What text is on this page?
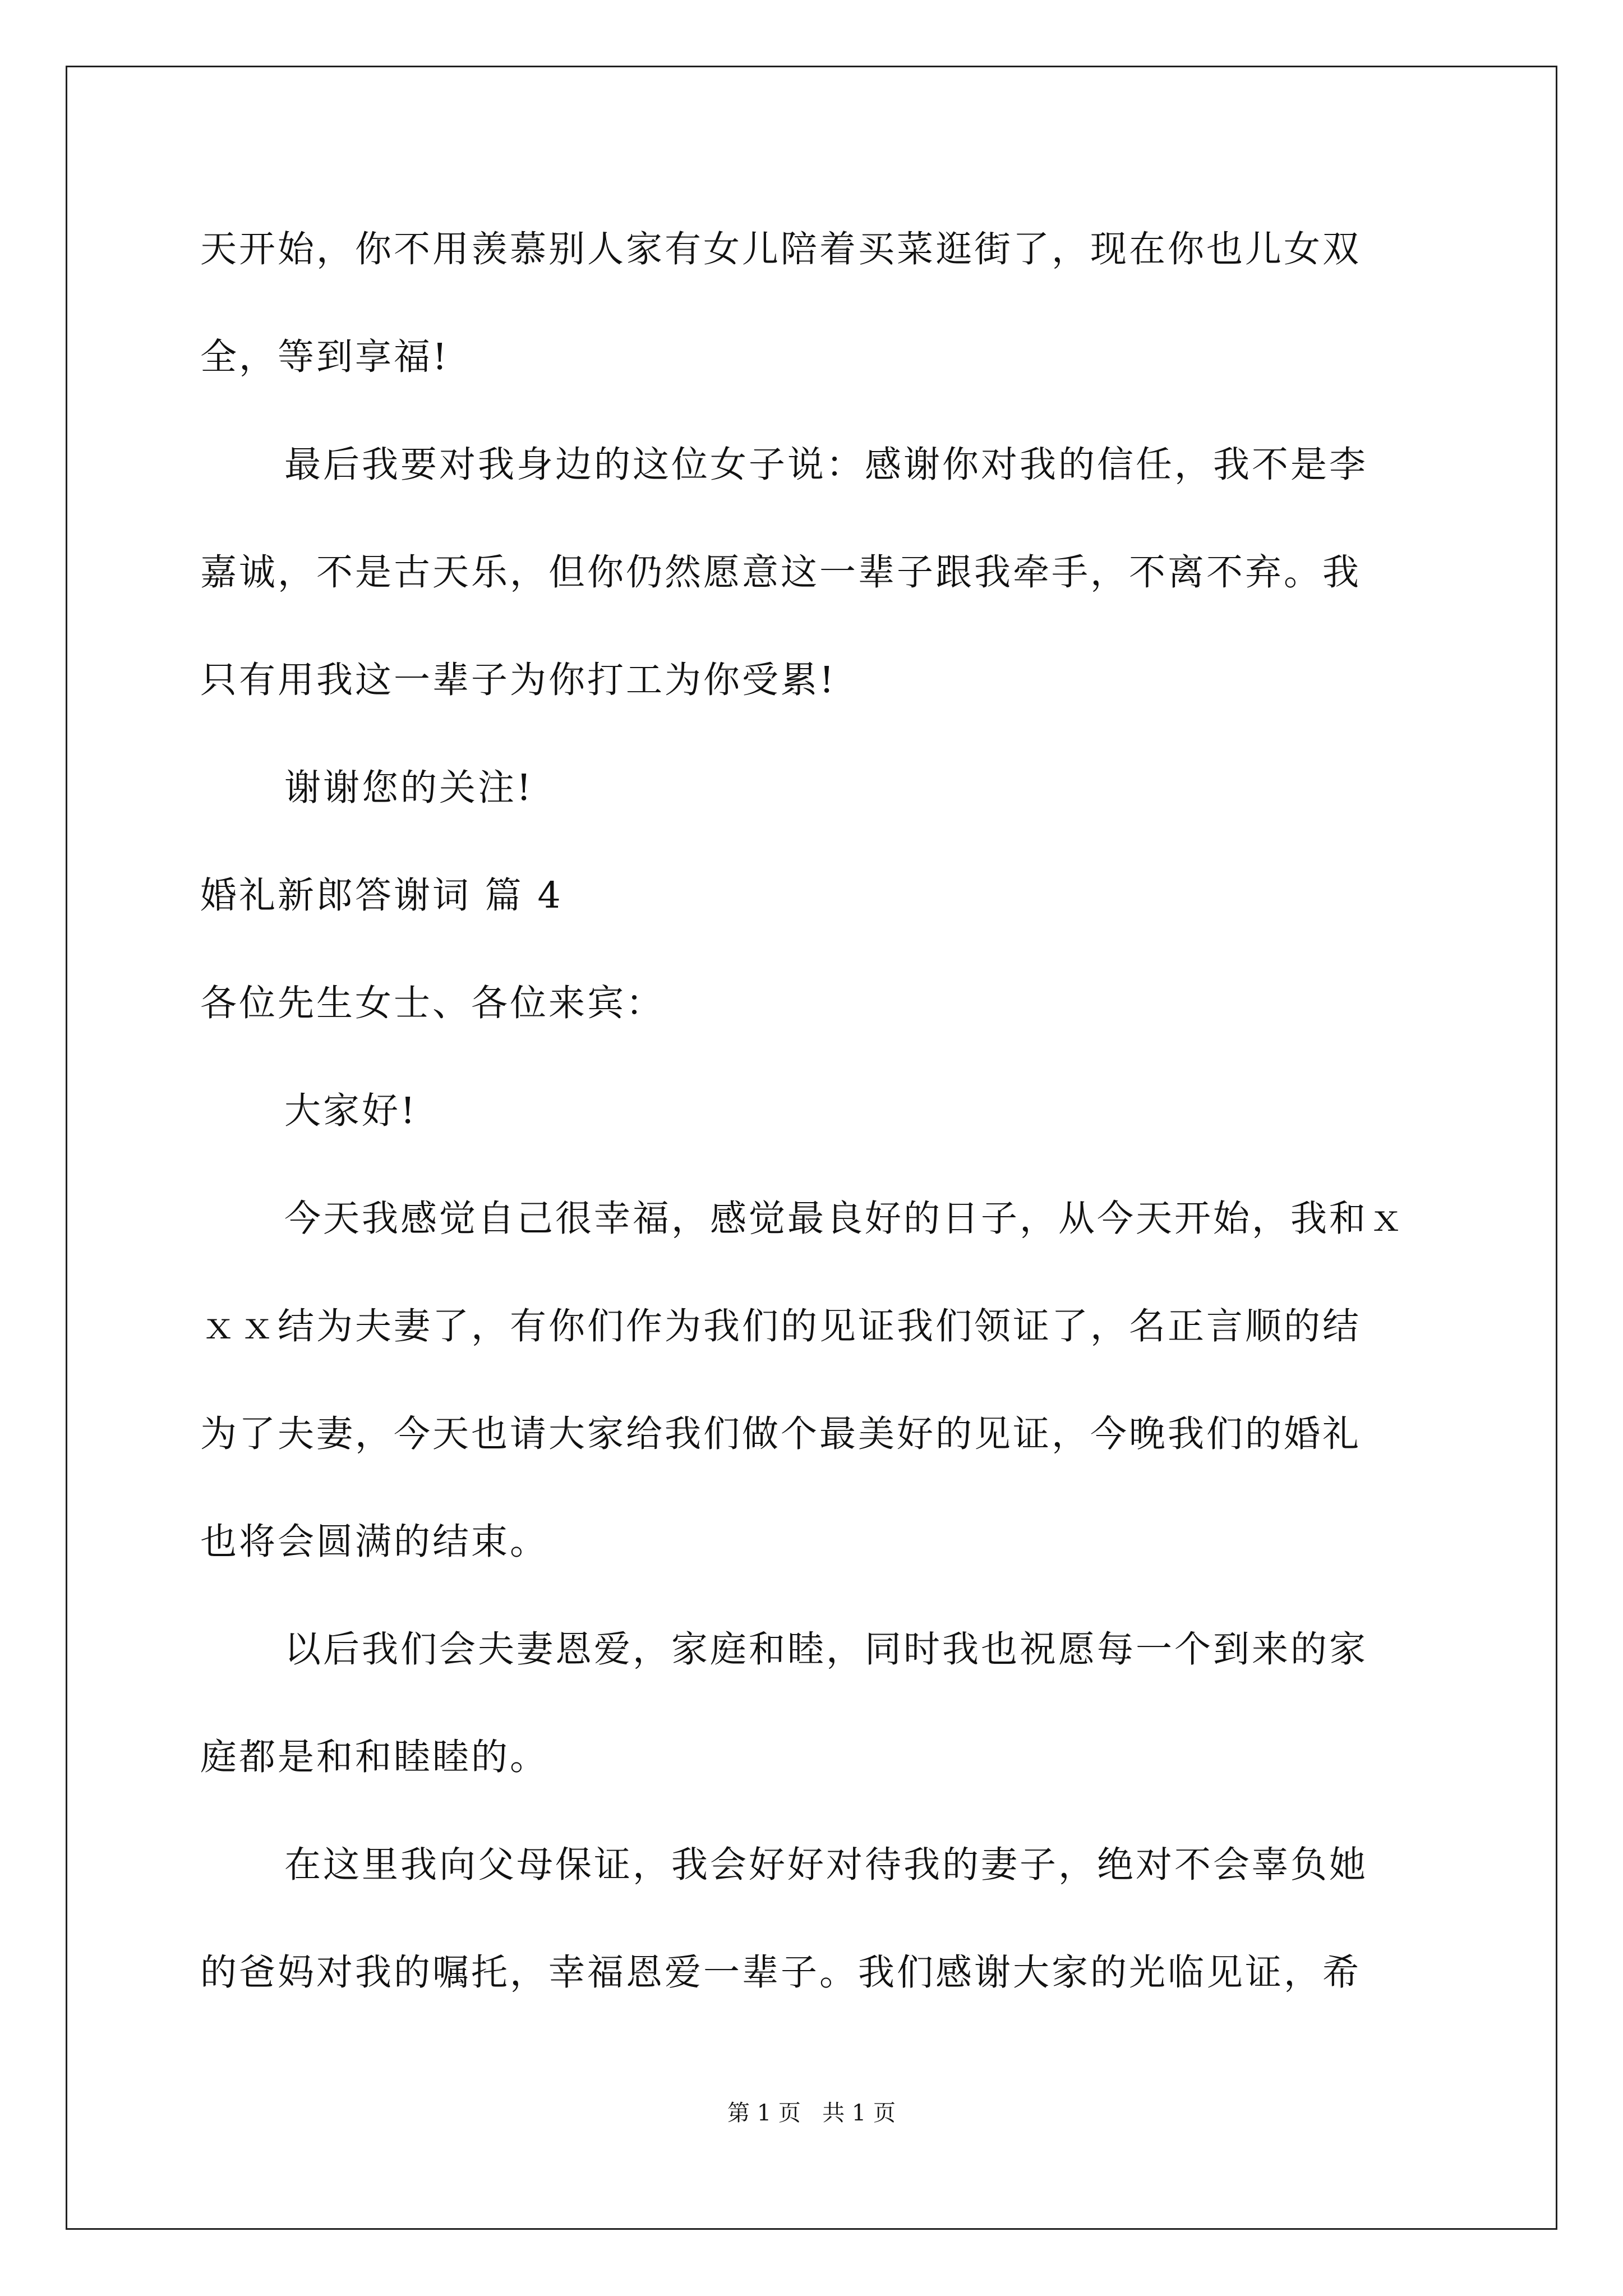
天开始，你不用羡慕别人家有女儿陪着买菜逛街了，现在你也儿女双
全，等到享福!
最后我要对我身边的这位女子说：感谢你对我的信任，我不是李
嘉诚，不是古天乐，但你仍然愿意这一辈子跟我牵手，不离不弃。我
只有用我这一辈子为你打工为你受累!
谢谢您的关注!
婚礼新郎答谢词 篇 4
各位先生女士、各位来宾：
大家好!
今天我感觉自己很幸福，感觉最良好的日子，从今天开始，我和ｘ
ｘｘ结为夫妻了，有你们作为我们的见证我们领证了，名正言顺的结
为了夫妻，今天也请大家给我们做个最美好的见证，今晚我们的婚礼
也将会圆满的结束。
以后我们会夫妻恩爱，家庭和睦，同时我也祝愿每一个到来的家
庭都是和和睦睦的。
在这里我向父母保证，我会好好对待我的妻子，绝对不会辜负她
的爸妈对我的嘱托，幸福恩爱一辈子。我们感谢大家的光临见证，希
第 1 页   共 1 页
